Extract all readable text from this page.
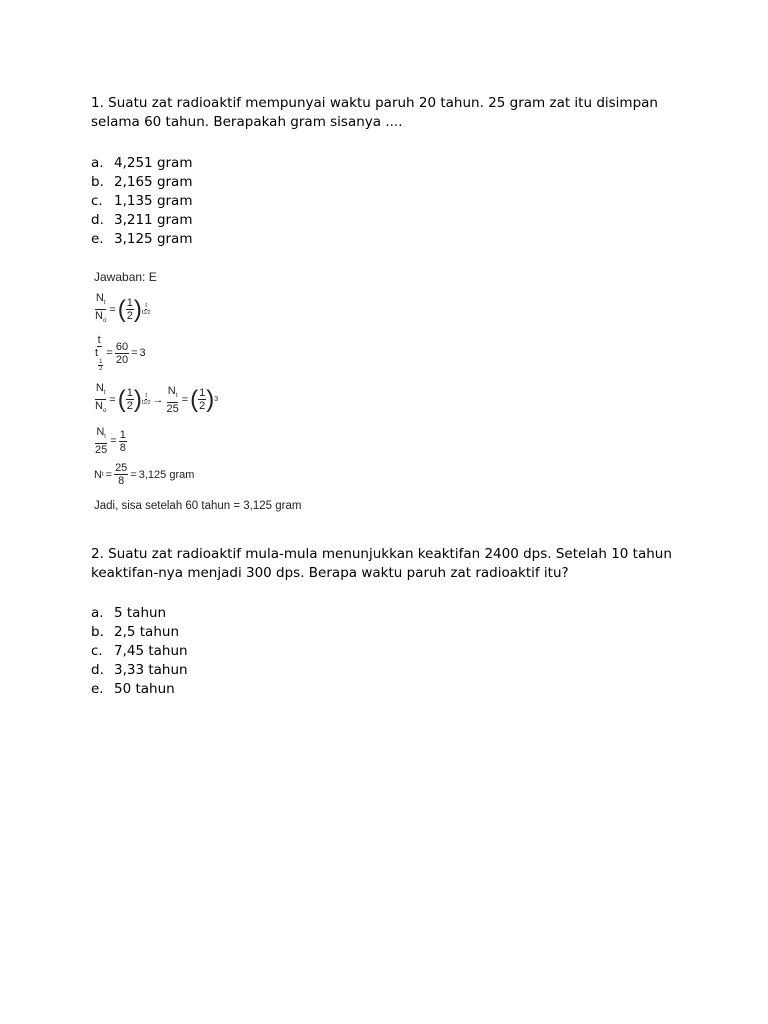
1. Suatu zat radioaktif mempunyai waktu paruh 20 tahun. 25 gram zat itu disimpan selama 60 tahun. Berapakah gram sisanya ....
a. 4,251 gram
b. 2,165 gram
c. 1,135 gram
d. 3,211 gram
e. 3,125 gram
Jawaban: E
$\frac{N_t}{N_o}$ = ( $\frac{1}{2}$ ) $\frac{t}{t1/2}$
t
t
$_{\frac{1}{2}} = \frac{60}{20} = 3$
$\frac{N_t}{N_o}$ = ( $\frac{1}{2}$ ) $\frac{t}{t1/2} \to \frac{N_t}{25}$ = ( $\frac{1}{2}$ ) 3
$\frac{N_t}{25} = \frac{1}{8}$
N $t = \frac{25}{8} = 3,125$ gram
Jadi, sisa setelah 60 tahun = 3,125 gram
2. Suatu zat radioaktif mula-mula menunjukkan keaktifan 2400 dps. Setelah 10 tahun keaktifan-nya menjadi 300 dps. Berapa waktu paruh zat radioaktif itu?
a. 5 tahun
b. 2,5 tahun
c. 7,45 tahun
d. 3,33 tahun
e. 50 tahun
